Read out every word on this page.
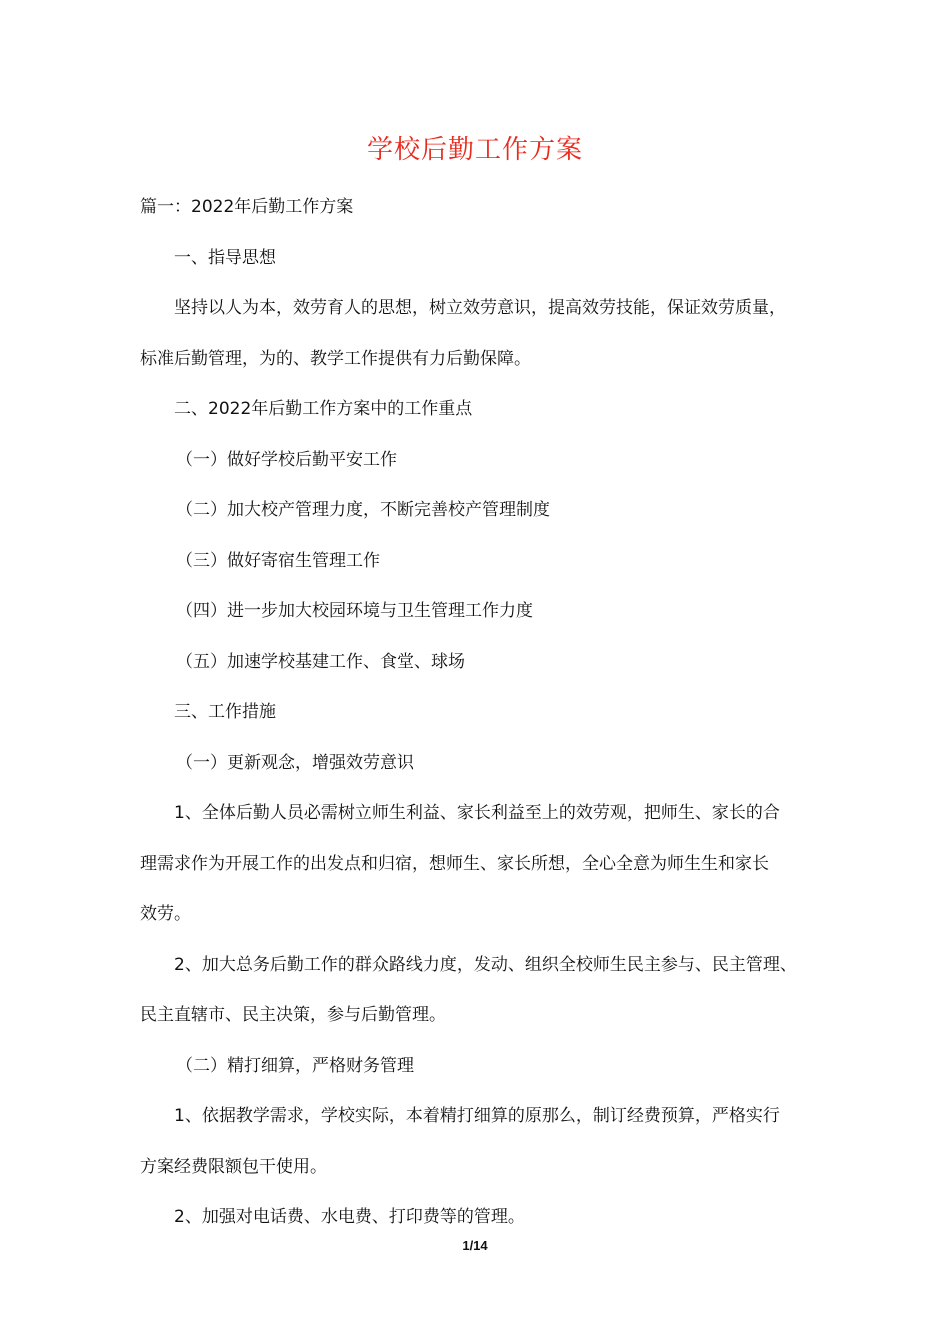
学校后勤工作方案

篇一：2022年后勤工作方案

一、指导思想

坚持以人为本，效劳育人的思想，树立效劳意识，提高效劳技能，保证效劳质量，

标准后勤管理，为的、教学工作提供有力后勤保障。

二、2022年后勤工作方案中的工作重点

（一）做好学校后勤平安工作

（二）加大校产管理力度，不断完善校产管理制度

（三）做好寄宿生管理工作

（四）进一步加大校园环境与卫生管理工作力度

（五）加速学校基建工作、食堂、球场

三、工作措施

（一）更新观念，增强效劳意识

1、全体后勤人员必需树立师生利益、家长利益至上的效劳观，把师生、家长的合

理需求作为开展工作的出发点和归宿，想师生、家长所想，全心全意为师生生和家长

效劳。

2、加大总务后勤工作的群众路线力度，发动、组织全校师生民主参与、民主管理、

民主直辖市、民主决策，参与后勤管理。

（二）精打细算，严格财务管理

1、依据教学需求，学校实际，本着精打细算的原那么，制订经费预算，严格实行

方案经费限额包干使用。

2、加强对电话费、水电费、打印费等的管理。

1/14
